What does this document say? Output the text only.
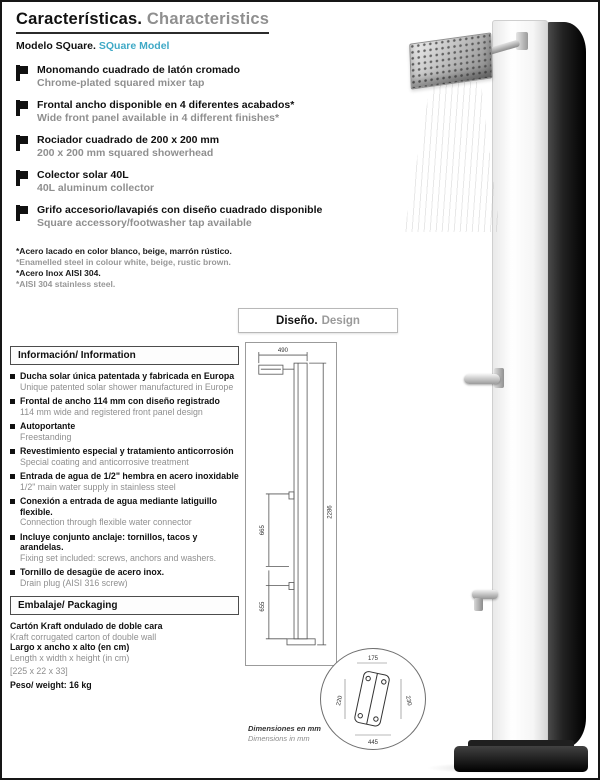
Características. Characteristics
Modelo SQuare. SQuare Model
Monomando cuadrado de latón cromado
Chrome-plated squared mixer tap
Frontal ancho disponible en 4 diferentes acabados*
Wide front panel available in 4 different finishes*
Rociador cuadrado de 200 x 200 mm
200 x 200 mm squared showerhead
Colector solar 40L
40L aluminum collector
Grifo accesorio/lavapiés con diseño cuadrado disponible
Square accessory/footwasher tap available
*Acero lacado en color blanco, beige, marrón rústico.
*Enamelled steel in colour white, beige, rustic brown.
*Acero Inox AISI 304.
*AISI 304 stainless steel.
Diseño. Design
Información/ Information
Ducha solar única patentada y fabricada en Europa
Unique patented solar shower manufactured in Europe
Frontal de ancho 114 mm con diseño registrado
114 mm wide and registered front panel design
Autoportante
Freestanding
Revestimiento especial y tratamiento anticorrosión
Special coating and anticorrosive treatment
Entrada de agua de 1/2" hembra en acero inoxidable
1/2" main water supply in stainless steel
Conexión a entrada de agua mediante latiguillo flexible.
Connection through flexible water connector
Incluye conjunto anclaje: tornillos, tacos y arandelas.
Fixing set included: screws, anchors and washers.
Tornillo de desagüe de acero inox.
Drain plug (AISI 316 screw)
Embalaje/ Packaging
Cartón Kraft ondulado de doble cara
Kraft corrugated carton of double wall
Largo x ancho x alto (en cm)
Length x width x height (in cm)
[225 x 22 x 33]
Peso/ weight: 16 kg
490
2286
665
655
Dimensiones en mm
Dimensions in mm
175
220	230
445
